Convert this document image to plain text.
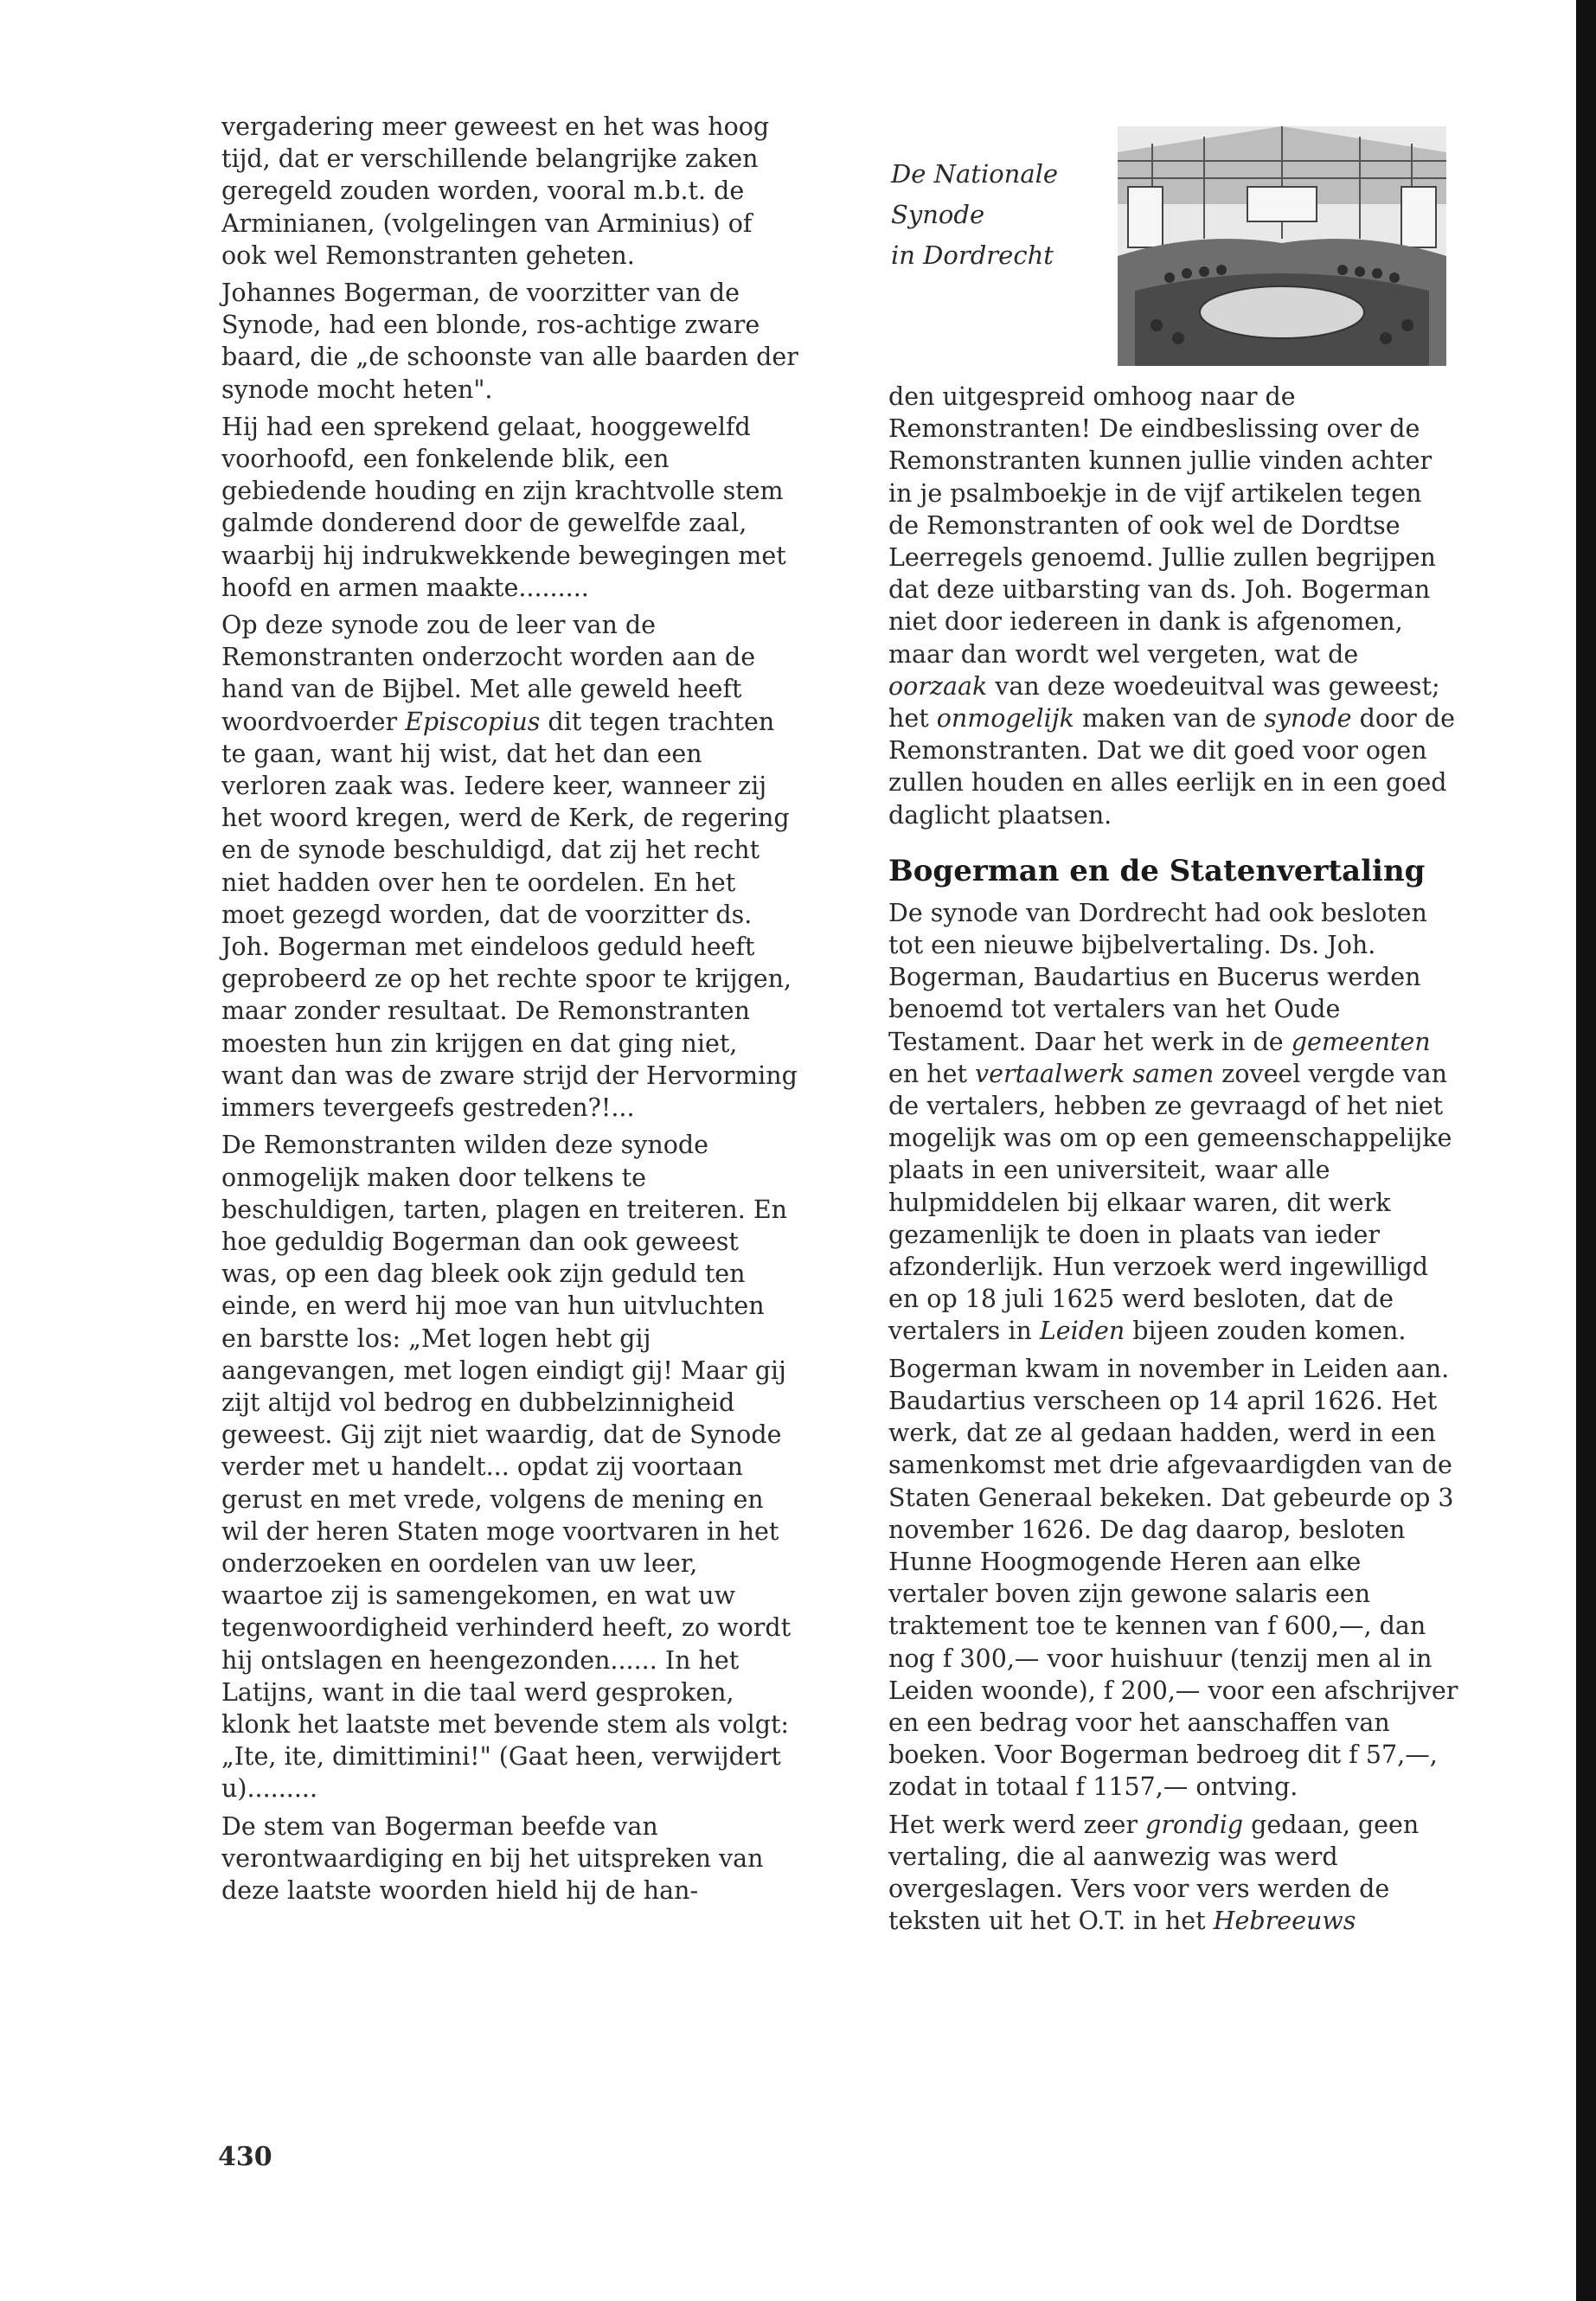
De Nationale
Synode
in Dordrecht

vergadering meer geweest en het was hoog tijd, dat er verschillende belangrijke zaken geregeld zouden worden, vooral m.b.t. de Arminianen, (volgelingen van Arminius) of ook wel Remonstranten geheten.

Johannes Bogerman, de voorzitter van de Synode, had een blonde, ros-achtige zware baard, die „de schoonste van alle baarden der synode mocht heten".

Hij had een sprekend gelaat, hooggewelfd voorhoofd, een fonkelende blik, een gebiedende houding en zijn krachtvolle stem galmde donderend door de gewelfde zaal, waarbij hij indrukwekkende bewegingen met hoofd en armen maakte.........

Op deze synode zou de leer van de Remonstranten onderzocht worden aan de hand van de Bijbel. Met alle geweld heeft woordvoerder Episcopius dit tegen trachten te gaan, want hij wist, dat het dan een verloren zaak was. Iedere keer, wanneer zij het woord kregen, werd de Kerk, de regering en de synode beschuldigd, dat zij het recht niet hadden over hen te oordelen. En het moet gezegd worden, dat de voorzitter ds. Joh. Bogerman met eindeloos geduld heeft geprobeerd ze op het rechte spoor te krijgen, maar zonder resultaat. De Remonstranten moesten hun zin krijgen en dat ging niet, want dan was de zware strijd der Hervorming immers tevergeefs gestreden?!...

De Remonstranten wilden deze synode onmogelijk maken door telkens te beschuldigen, tarten, plagen en treiteren. En hoe geduldig Bogerman dan ook geweest was, op een dag bleek ook zijn geduld ten einde, en werd hij moe van hun uitvluchten en barstte los: „Met logen hebt gij aangevangen, met logen eindigt gij! Maar gij zijt altijd vol bedrog en dubbelzinnigheid geweest. Gij zijt niet waardig, dat de Synode verder met u handelt... opdat zij voortaan gerust en met vrede, volgens de mening en wil der heren Staten moge voortvaren in het onderzoeken en oordelen van uw leer, waartoe zij is samengekomen, en wat uw tegenwoordigheid verhinderd heeft, zo wordt hij ontslagen en heengezonden...... In het Latijns, want in die taal werd gesproken, klonk het laatste met bevende stem als volgt: „Ite, ite, dimittimini!" (Gaat heen, verwijdert u).........

De stem van Bogerman beefde van verontwaardiging en bij het uitspreken van deze laatste woorden hield hij de han-

den uitgespreid omhoog naar de Remonstranten! De eindbeslissing over de Remonstranten kunnen jullie vinden achter in je psalmboekje in de vijf artikelen tegen de Remonstranten of ook wel de Dordtse Leerregels genoemd. Jullie zullen begrijpen dat deze uitbarsting van ds. Joh. Bogerman niet door iedereen in dank is afgenomen, maar dan wordt wel vergeten, wat de oorzaak van deze woedeuitval was geweest; het onmogelijk maken van de synode door de Remonstranten. Dat we dit goed voor ogen zullen houden en alles eerlijk en in een goed daglicht plaatsen.

Bogerman en de Statenvertaling

De synode van Dordrecht had ook besloten tot een nieuwe bijbelvertaling. Ds. Joh. Bogerman, Baudartius en Bucerus werden benoemd tot vertalers van het Oude Testament. Daar het werk in de gemeenten en het vertaalwerk samen zoveel vergde van de vertalers, hebben ze gevraagd of het niet mogelijk was om op een gemeenschappelijke plaats in een universiteit, waar alle hulpmiddelen bij elkaar waren, dit werk gezamenlijk te doen in plaats van ieder afzonderlijk. Hun verzoek werd ingewilligd en op 18 juli 1625 werd besloten, dat de vertalers in Leiden bijeen zouden komen.

Bogerman kwam in november in Leiden aan. Baudartius verscheen op 14 april 1626. Het werk, dat ze al gedaan hadden, werd in een samenkomst met drie afgevaardigden van de Staten Generaal bekeken. Dat gebeurde op 3 november 1626. De dag daarop, besloten Hunne Hoogmogende Heren aan elke vertaler boven zijn gewone salaris een traktement toe te kennen van f 600,—, dan nog f 300,— voor huishuur (tenzij men al in Leiden woonde), f 200,— voor een afschrijver en een bedrag voor het aanschaffen van boeken. Voor Bogerman bedroeg dit f 57,—, zodat in totaal f 1157,— ontving.

Het werk werd zeer grondig gedaan, geen vertaling, die al aanwezig was werd overgeslagen. Vers voor vers werden de teksten uit het O.T. in het Hebreeuws

430
